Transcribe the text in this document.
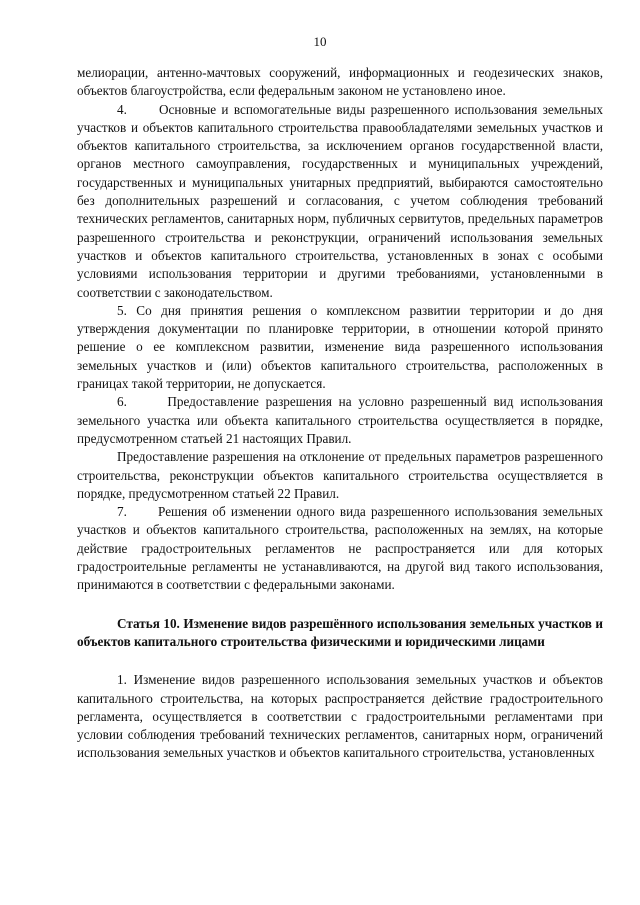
10

мелиорации, антенно-мачтовых сооружений, информационных и геодезических знаков, объектов благоустройства, если федеральным законом не установлено иное.

4.      Основные и вспомогательные виды разрешенного использования земельных участков и объектов капитального строительства правообладателями земельных участков и объектов капитального строительства, за исключением органов государственной власти, органов местного самоуправления, государственных и муниципальных учреждений, государственных и муниципальных унитарных предприятий, выбираются самостоятельно без дополнительных разрешений и согласования, с учетом соблюдения требований технических регламентов, санитарных норм, публичных сервитутов, предельных параметров разрешенного строительства и реконструкции, ограничений использования земельных участков и объектов капитального строительства, установленных в зонах с особыми условиями использования территории и другими требованиями, установленными в соответствии с законодательством.

5. Со дня принятия решения о комплексном развитии территории и до дня утверждения документации по планировке территории, в отношении которой принято решение о ее комплексном развитии, изменение вида разрешенного использования земельных участков и (или) объектов капитального строительства, расположенных в границах такой территории, не допускается.

6.      Предоставление разрешения на условно разрешенный вид использования земельного участка или объекта капитального строительства осуществляется в порядке, предусмотренном статьей 21 настоящих Правил.

Предоставление разрешения на отклонение от предельных параметров разрешенного строительства, реконструкции объектов капитального строительства осуществляется в порядке, предусмотренном статьей 22 Правил.

7.      Решения об изменении одного вида разрешенного использования земельных участков и объектов капитального строительства, расположенных на землях, на которые действие градостроительных регламентов не распространяется или для которых градостроительные регламенты не устанавливаются, на другой вид такого использования, принимаются в соответствии с федеральными законами.

Статья 10. Изменение видов разрешённого использования земельных участков и объектов капитального строительства физическими и юридическими лицами

1. Изменение видов разрешенного использования земельных участков и объектов капитального строительства, на которых распространяется действие градостроительного регламента, осуществляется в соответствии с градостроительными регламентами при условии соблюдения требований технических регламентов, санитарных норм, ограничений использования земельных участков и объектов капитального строительства, установленных
